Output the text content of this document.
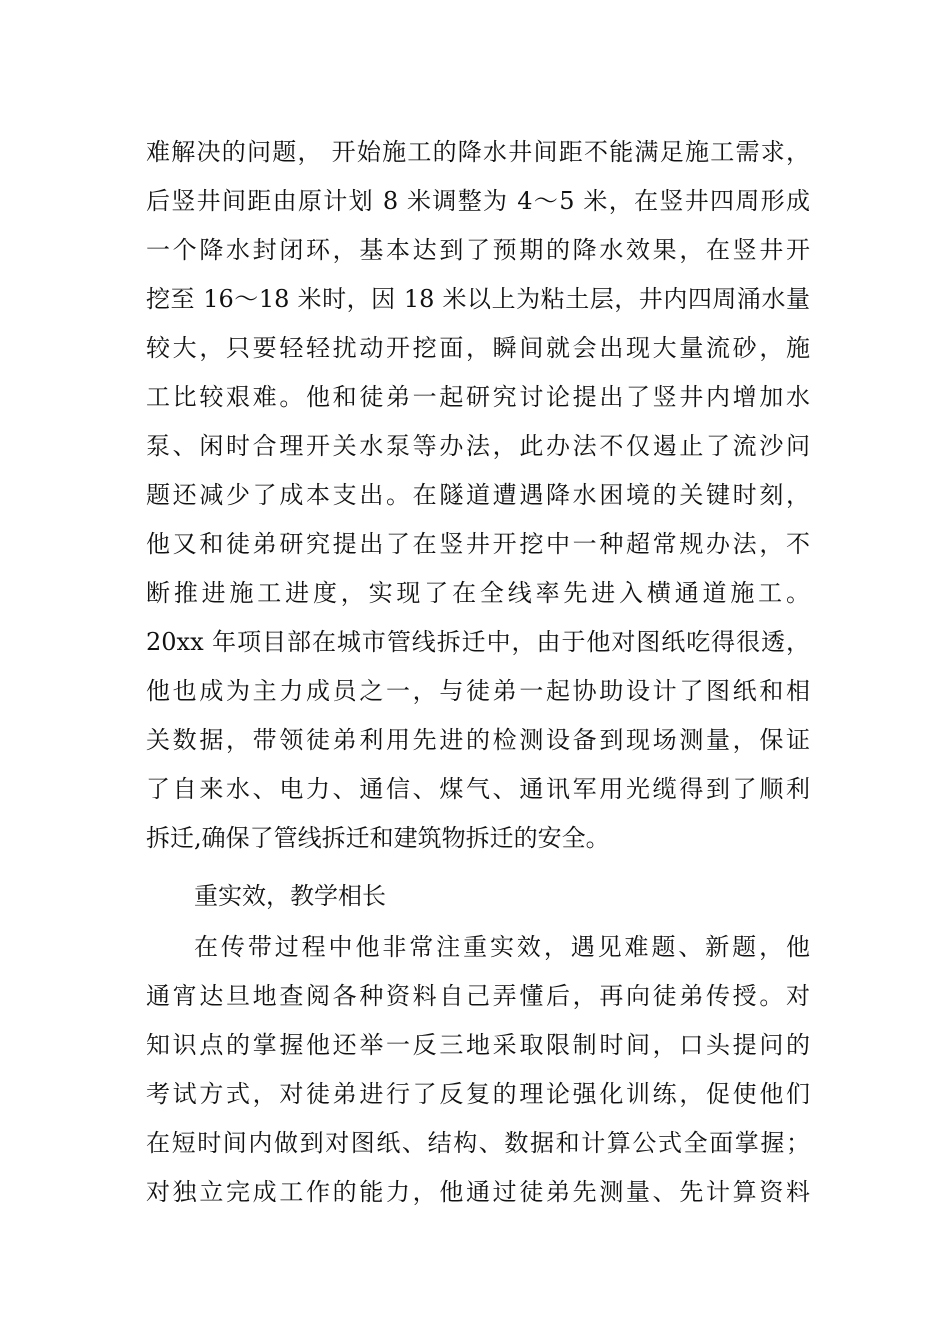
难解决的问题， 开始施工的降水井间距不能满足施工需求，
后竖井间距由原计划 8 米调整为 4～5 米，在竖井四周形成
一个降水封闭环，基本达到了预期的降水效果，在竖井开
挖至 16～18 米时，因 18 米以上为粘土层，井内四周涌水量
较大，只要轻轻扰动开挖面，瞬间就会出现大量流砂，施
工比较艰难。他和徒弟一起研究讨论提出了竖井内增加水
泵、闲时合理开关水泵等办法，此办法不仅遏止了流沙问
题还减少了成本支出。在隧道遭遇降水困境的关键时刻，
他又和徒弟研究提出了在竖井开挖中一种超常规办法，不
断推进施工进度，实现了在全线率先进入横通道施工。
20xx 年项目部在城市管线拆迁中，由于他对图纸吃得很透，
他也成为主力成员之一，与徒弟一起协助设计了图纸和相
关数据，带领徒弟利用先进的检测设备到现场测量，保证
了自来水、电力、通信、煤气、通讯军用光缆得到了顺利
拆迁,确保了管线拆迁和建筑物拆迁的安全。
重实效，教学相长
在传带过程中他非常注重实效，遇见难题、新题，他
通宵达旦地查阅各种资料自己弄懂后，再向徒弟传授。对
知识点的掌握他还举一反三地采取限制时间，口头提问的
考试方式，对徒弟进行了反复的理论强化训练，促使他们
在短时间内做到对图纸、结构、数据和计算公式全面掌握；
对独立完成工作的能力，他通过徒弟先测量、先计算资料
